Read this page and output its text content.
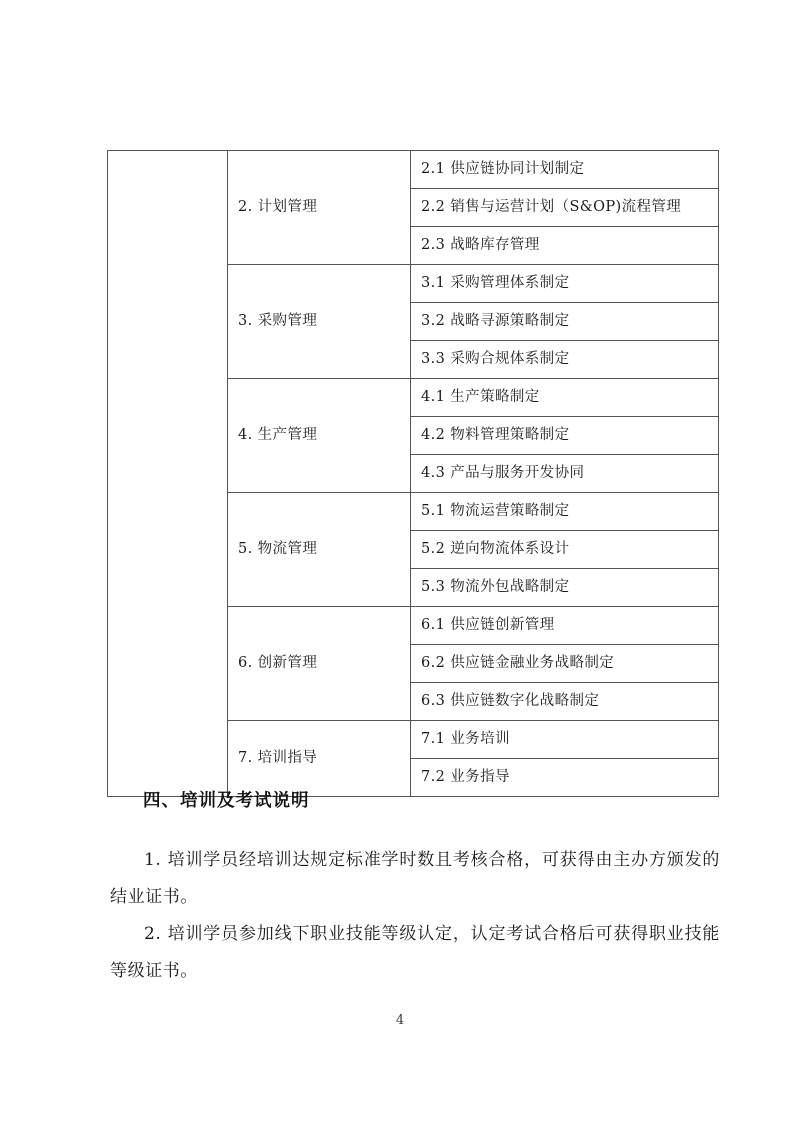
	2. 计划管理	2.1 供应链协同计划制定
		2.2 销售与运营计划（S&OP)流程管理
		2.3 战略库存管理
	3. 采购管理	3.1 采购管理体系制定
		3.2 战略寻源策略制定
		3.3 采购合规体系制定
	4. 生产管理	4.1 生产策略制定
		4.2 物料管理策略制定
		4.3 产品与服务开发协同
	5. 物流管理	5.1 物流运营策略制定
		5.2 逆向物流体系设计
		5.3 物流外包战略制定
	6. 创新管理	6.1 供应链创新管理
		6.2 供应链金融业务战略制定
		6.3 供应链数字化战略制定
	7. 培训指导	7.1 业务培训
		7.2 业务指导
四、培训及考试说明

1. 培训学员经培训达规定标准学时数且考核合格，可获得由主办方颁发的结业证书。

2. 培训学员参加线下职业技能等级认定，认定考试合格后可获得职业技能等级证书。

4
